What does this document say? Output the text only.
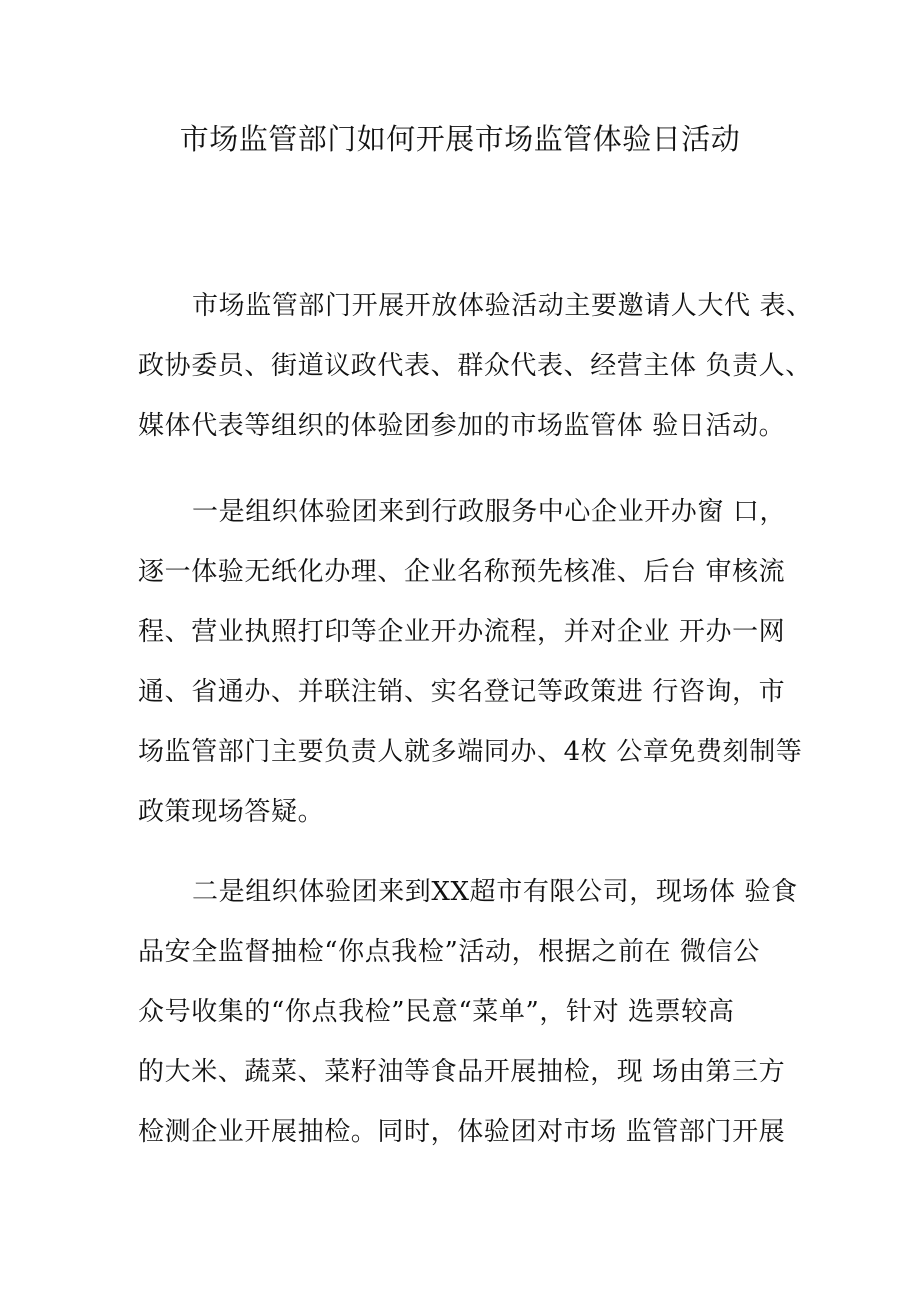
市场监管部门如何开展市场监管体验日活动
市场监管部门开展开放体验活动主要邀请人大代 表、
政协委员、街道议政代表、群众代表、经营主体 负责人、
媒体代表等组织的体验团参加的市场监管体 验日活动。
一是组织体验团来到行政服务中心企业开办窗 口，
逐一体验无纸化办理、企业名称预先核准、后台 审核流
程、营业执照打印等企业开办流程，并对企业 开办一网
通、省通办、并联注销、实名登记等政策进 行咨询，市
场监管部门主要负责人就多端同办、4枚 公章免费刻制等
政策现场答疑。
二是组织体验团来到XX超市有限公司，现场体 验食
品安全监督抽检“你点我检”活动，根据之前在 微信公
众号收集的“你点我检”民意“菜单”，针对 选票较高
的大米、蔬菜、菜籽油等食品开展抽检，现 场由第三方
检测企业开展抽检。同时，体验团对市场 监管部门开展
